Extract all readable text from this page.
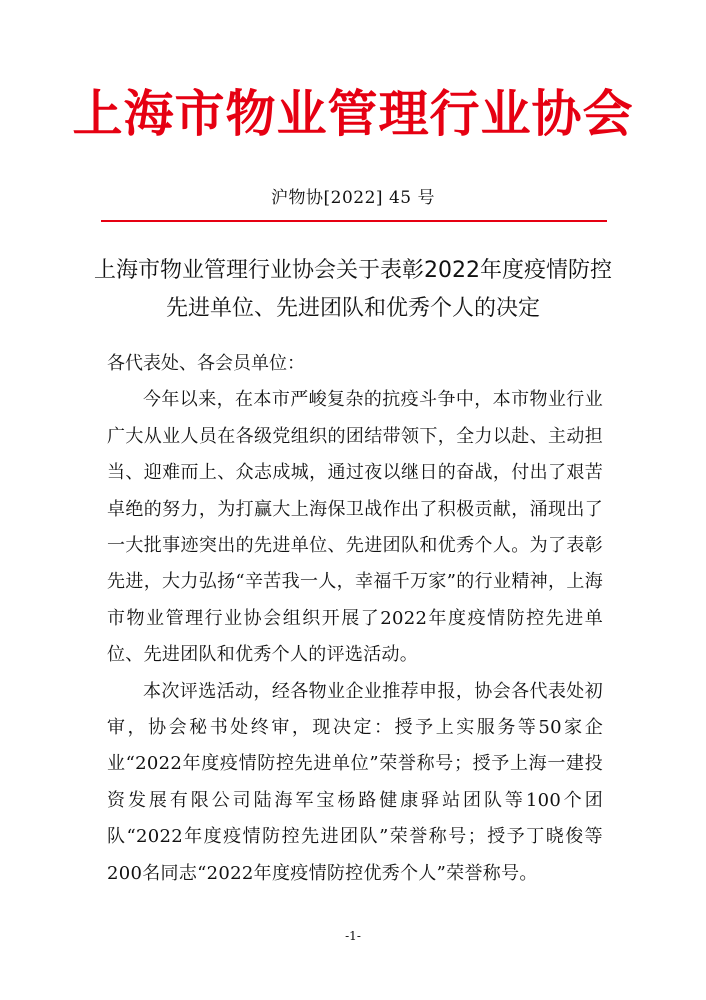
上海市物业管理行业协会
沪物协[2022] 45 号
上海市物业管理行业协会关于表彰2022年度疫情防控
先进单位、先进团队和优秀个人的决定

各代表处、各会员单位：

今年以来，在本市严峻复杂的抗疫斗争中，本市物业行业广大从业人员在各级党组织的团结带领下，全力以赴、主动担当、迎难而上、众志成城，通过夜以继日的奋战，付出了艰苦卓绝的努力，为打赢大上海保卫战作出了积极贡献，涌现出了一大批事迹突出的先进单位、先进团队和优秀个人。为了表彰先进，大力弘扬“辛苦我一人，幸福千万家”的行业精神，上海市物业管理行业协会组织开展了2022年度疫情防控先进单位、先进团队和优秀个人的评选活动。

本次评选活动，经各物业企业推荐申报，协会各代表处初审，协会秘书处终审，现决定：授予上实服务等50家企业“2022年度疫情防控先进单位”荣誉称号；授予上海一建投资发展有限公司陆海军宝杨路健康驿站团队等100个团队“2022年度疫情防控先进团队”荣誉称号；授予丁晓俊等200名同志“2022年度疫情防控优秀个人”荣誉称号。

-1-
